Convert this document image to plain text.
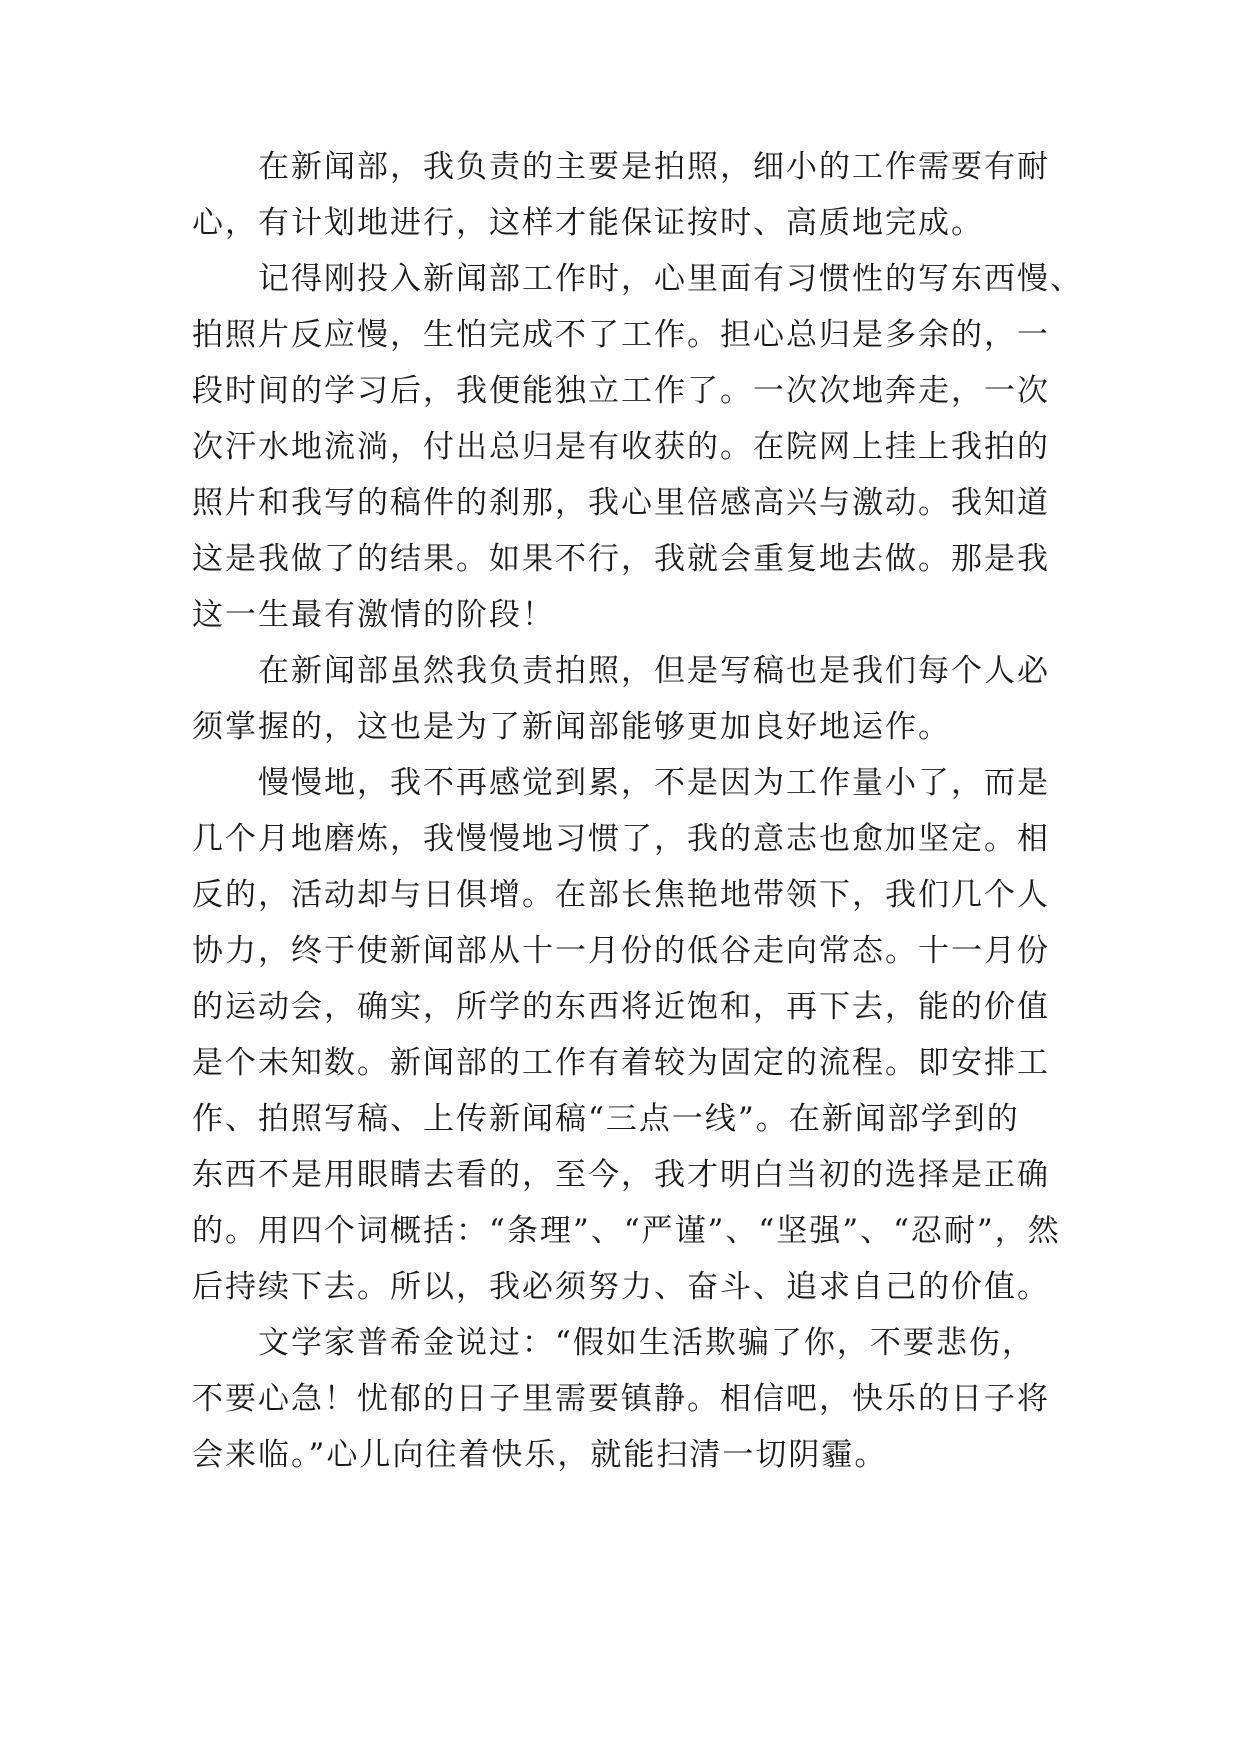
　　在新闻部，我负责的主要是拍照，细小的工作需要有耐
心，有计划地进行，这样才能保证按时、高质地完成。
　　记得刚投入新闻部工作时，心里面有习惯性的写东西慢、
拍照片反应慢，生怕完成不了工作。担心总归是多余的，一
段时间的学习后，我便能独立工作了。一次次地奔走，一次
次汗水地流淌，付出总归是有收获的。在院网上挂上我拍的
照片和我写的稿件的刹那，我心里倍感高兴与激动。我知道
这是我做了的结果。如果不行，我就会重复地去做。那是我
这一生最有激情的阶段！
　　在新闻部虽然我负责拍照，但是写稿也是我们每个人必
须掌握的，这也是为了新闻部能够更加良好地运作。
　　慢慢地，我不再感觉到累，不是因为工作量小了，而是
几个月地磨炼，我慢慢地习惯了，我的意志也愈加坚定。相
反的，活动却与日俱增。在部长焦艳地带领下，我们几个人
协力，终于使新闻部从十一月份的低谷走向常态。十一月份
的运动会，确实，所学的东西将近饱和，再下去，能的价值
是个未知数。新闻部的工作有着较为固定的流程。即安排工
作、拍照写稿、上传新闻稿“三点一线”。在新闻部学到的
东西不是用眼睛去看的，至今，我才明白当初的选择是正确
的。用四个词概括：“条理”、“严谨”、“坚强”、“忍耐”，然
后持续下去。所以，我必须努力、奋斗、追求自己的价值。
　　文学家普希金说过：“假如生活欺骗了你，不要悲伤，
不要心急！忧郁的日子里需要镇静。相信吧，快乐的日子将
会来临。”心儿向往着快乐，就能扫清一切阴霾。
